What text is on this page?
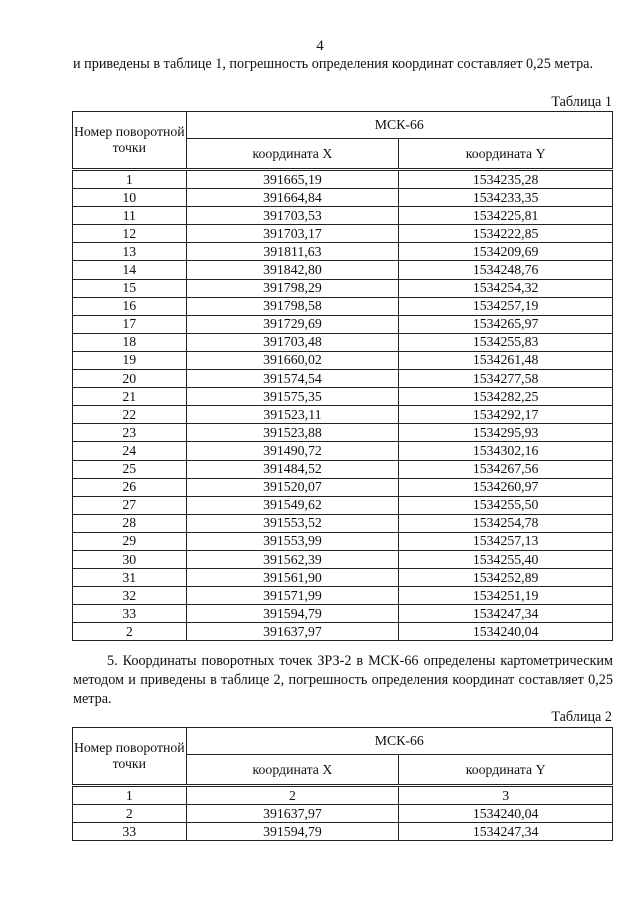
4
и приведены в таблице 1, погрешность определения координат составляет 0,25 метра.
Таблица 1
Номер поворотной точки	МСК-66	
	координата X	координата Y
1	391665,19	1534235,28
10	391664,84	1534233,35
11	391703,53	1534225,81
12	391703,17	1534222,85
13	391811,63	1534209,69
14	391842,80	1534248,76
15	391798,29	1534254,32
16	391798,58	1534257,19
17	391729,69	1534265,97
18	391703,48	1534255,83
19	391660,02	1534261,48
20	391574,54	1534277,58
21	391575,35	1534282,25
22	391523,11	1534292,17
23	391523,88	1534295,93
24	391490,72	1534302,16
25	391484,52	1534267,56
26	391520,07	1534260,97
27	391549,62	1534255,50
28	391553,52	1534254,78
29	391553,99	1534257,13
30	391562,39	1534255,40
31	391561,90	1534252,89
32	391571,99	1534251,19
33	391594,79	1534247,34
2	391637,97	1534240,04
5. Координаты поворотных точек ЗРЗ-2 в МСК-66 определены картометрическим методом и приведены в таблице 2, погрешность определения координат составляет 0,25 метра.
Таблица 2
Номер поворотной точки	МСК-66	
	координата X	координата Y
1	2	3
2	391637,97	1534240,04
33	391594,79	1534247,34
